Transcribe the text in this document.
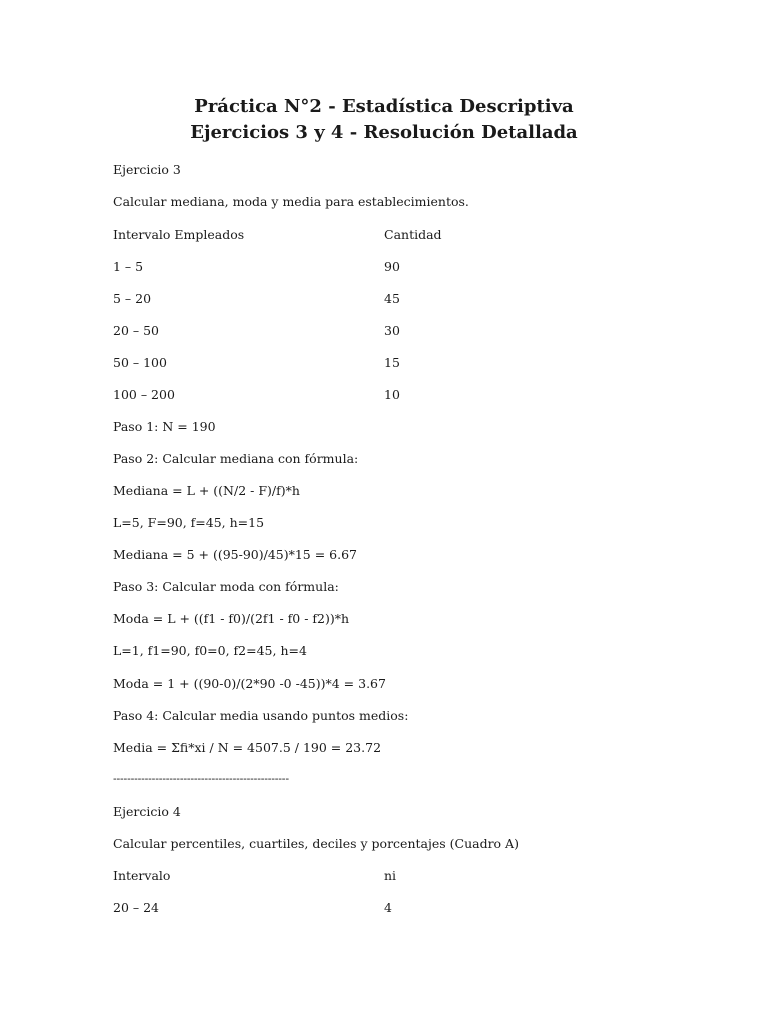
Práctica N°2 - Estadística Descriptiva
Ejercicios 3 y 4 - Resolución Detallada
Ejercicio 3
Calcular mediana, moda y media para establecimientos.
Intervalo Empleados	Cantidad
1 – 5	90
5 – 20	45
20 – 50	30
50 – 100	15
100 – 200	10
Paso 1: N = 190
Paso 2: Calcular mediana con fórmula:
Mediana = L + ((N/2 - F)/f)*h
L=5, F=90, f=45, h=15
Mediana = 5 + ((95-90)/45)*15 = 6.67
Paso 3: Calcular moda con fórmula:
Moda = L + ((f1 - f0)/(2f1 - f0 - f2))*h
L=1, f1=90, f0=0, f2=45, h=4
Moda = 1 + ((90-0)/(2*90 -0 -45))*4 = 3.67
Paso 4: Calcular media usando puntos medios:
Media = Σfi*xi / N = 4507.5 / 190 = 23.72
--------------------------------------------------
Ejercicio 4
Calcular percentiles, cuartiles, deciles y porcentajes (Cuadro A)
Intervalo	ni
20 – 24	4
